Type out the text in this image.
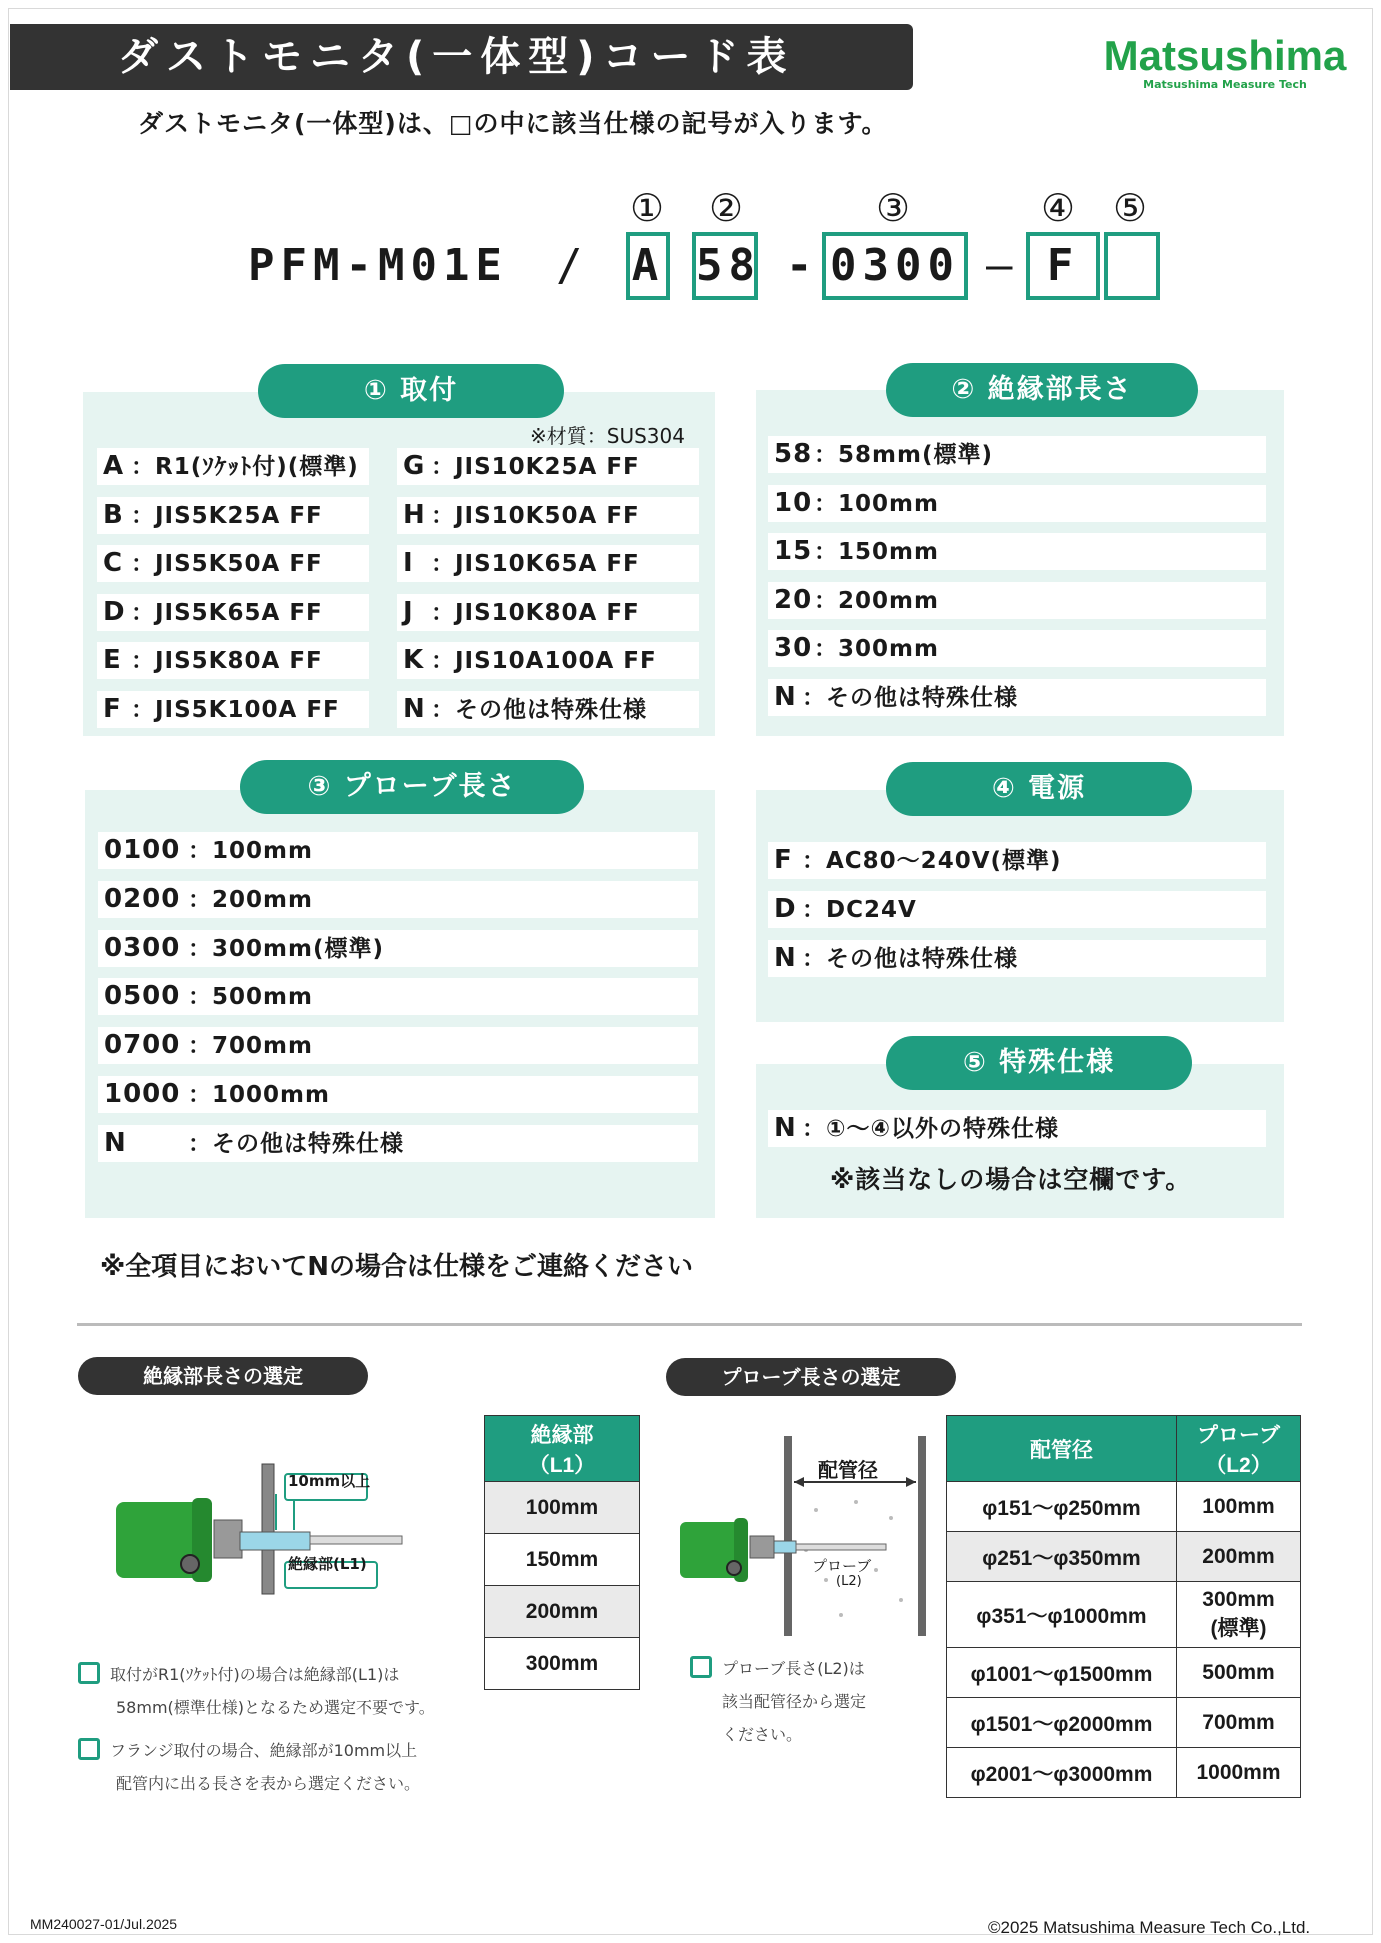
ダストモニタ(一体型)コード表	Matsushima
Matsushima Measure Tech
ダストモニタ(一体型)は、□の中に該当仕様の記号が入ります。
PFM-M01E /
① ②	③	④ ⑤
A 58 - 0300 – F
① 取付
※材質：SUS304
A ：R1(ｿｹｯﾄ付)(標準)
B ：JIS5K25A FF
C ：JIS5K50A FF
D ：JIS5K65A FF
E ：JIS5K80A FF
F ：JIS5K100A FF
G ：JIS10K25A FF
H ：JIS10K50A FF
I ：JIS10K65A FF
J ：JIS10K80A FF
K ：JIS10A100A FF
N ：その他は特殊仕様
② 絶縁部長さ
58：58mm(標準)
10：100mm
15：150mm
20：200mm
30：300mm
N ：その他は特殊仕様
③ プローブ長さ
0100 ：100mm
0200 ：200mm
0300 ：300mm(標準)
0500 ：500mm
0700 ：700mm
1000 ：1000mm
N	：その他は特殊仕様
④ 電源
F ：AC80～240V(標準)
D ：DC24V
N ：その他は特殊仕様
⑤ 特殊仕様
N ：①～④以外の特殊仕様
※該当なしの場合は空欄です。
※全項目においてNの場合は仕様をご連絡ください
絶縁部長さの選定
10mm以上
絶縁部(L1)
絶縁部
（L1）
100mm
150mm
200mm
300mm
取付がR1(ｿｹｯﾄ付)の場合は絶縁部(L1)は
58mm(標準仕様)となるため選定不要です。
フランジ取付の場合、絶縁部が10mm以上
配管内に出る長さを表から選定ください。
プローブ長さの選定
配管径
プローブ
(L2)
配管径	プローブ
（L2）
φ151～φ250mm	100mm
φ251～φ350mm	200mm
φ351～φ1000mm	300mm
(標準)
φ1001～φ1500mm	500mm
φ1501～φ2000mm	700mm
φ2001～φ3000mm	1000mm
プローブ長さ(L2)は
該当配管径から選定
ください。
MM240027-01/Jul.2025	©2025 Matsushima Measure Tech Co.,Ltd.
